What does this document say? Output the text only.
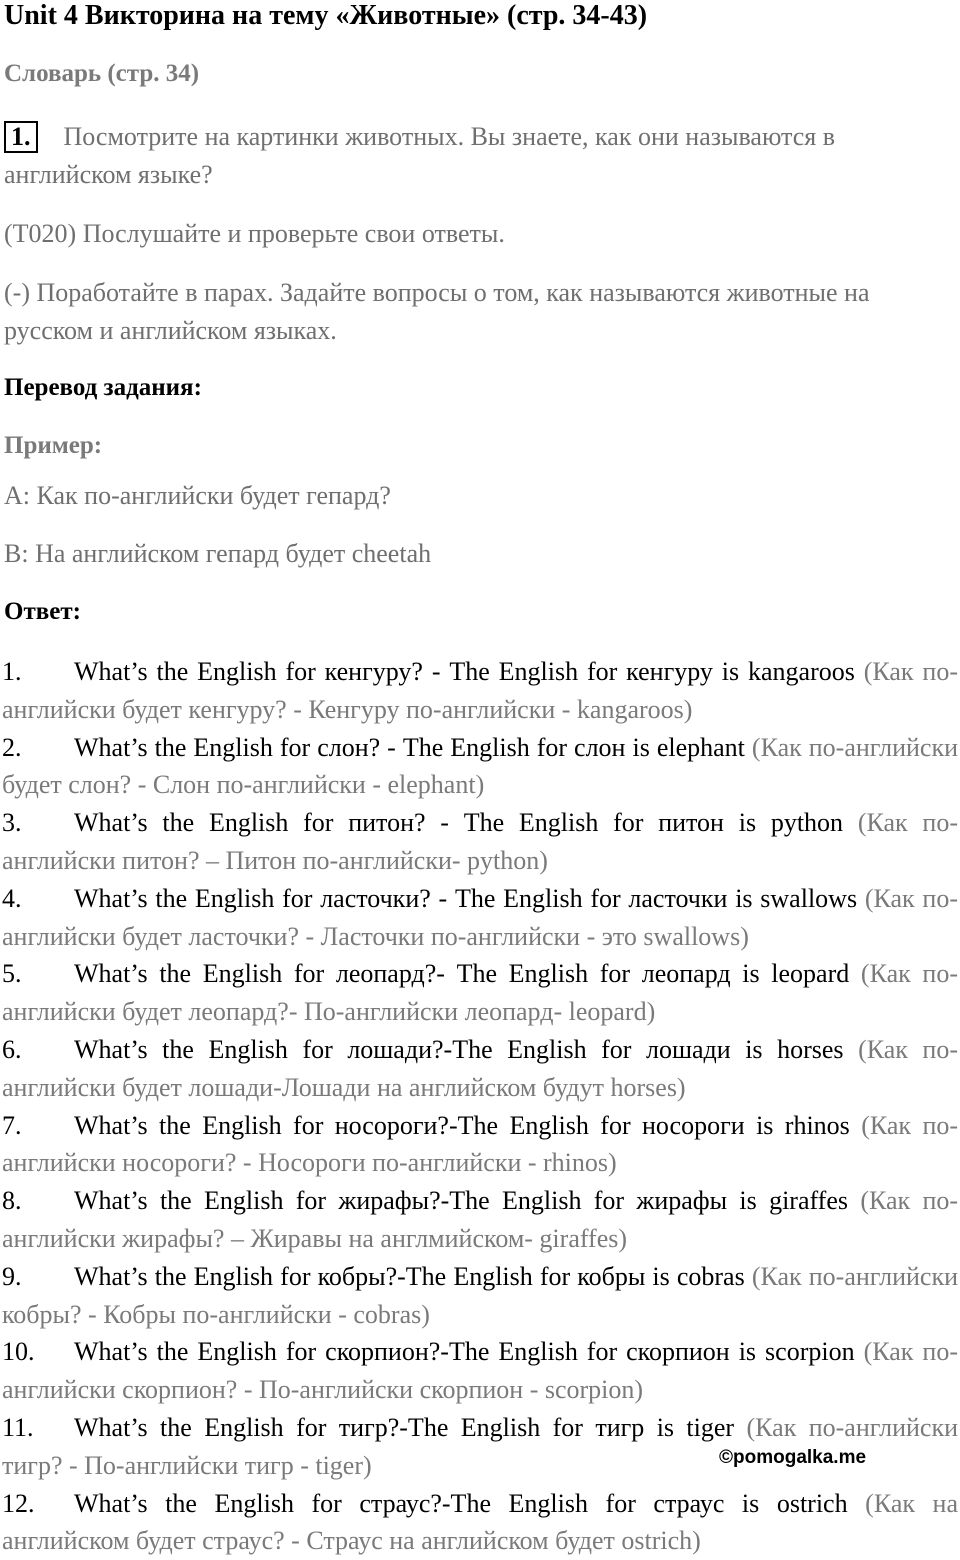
Unit 4 Викторина на тему «Животные» (стр. 34-43)

Словарь (стр. 34)

1. Посмотрите на картинки животных. Вы знаете, как они называются в английском языке?

(T020) Послушайте и проверьте свои ответы.

(-) Поработайте в парах. Задайте вопросы о том, как называются животные на русском и английском языках.

Перевод задания:

Пример:

A: Как по-английски будет гепард?

B: На английском гепард будет cheetah

Ответ:

1. What’s the English for кенгуру? - The English for кенгуру is kangaroos (Как по-английски будет кенгуру? - Кенгуру по-английски - kangaroos)
2. What’s the English for слон? - The English for слон is elephant (Как по-английски будет слон? - Слон по-английски - elephant)
3. What’s the English for питон? - The English for питон is python (Как по-английски питон? – Питон по-английски- python)
4. What’s the English for ласточки? - The English for ласточки is swallows (Как по-английски будет ласточки? - Ласточки по-английски - это swallows)
5. What’s the English for леопард?- The English for леопард is leopard (Как по-английски будет леопард?- По-английски леопард- leopard)
6. What’s the English for лошади?-The English for лошади is horses (Как по-английски будет лошади-Лошади на английском будут horses)
7. What’s the English for носороги?-The English for носороги is rhinos (Как по-английски носороги? - Носороги по-английски - rhinos)
8. What’s the English for жирафы?-The English for жирафы is giraffes (Как по-английски жирафы? – Жиравы на англмийском- giraffes)
9. What’s the English for кобры?-The English for кобры is cobras (Как по-английски кобры? - Кобры по-английски - cobras)
10. What’s the English for скорпион?-The English for скорпион is scorpion (Как по-английски скорпион? - По-английски скорпион - scorpion)
11. What’s the English for тигр?-The English for тигр is tiger (Как по-английски тигр? - По-английски тигр - tiger)
12. What’s the English for страус?-The English for страус is ostrich (Как на английском будет страус? - Страус на английском будет ostrich)

©pomogalka.me
